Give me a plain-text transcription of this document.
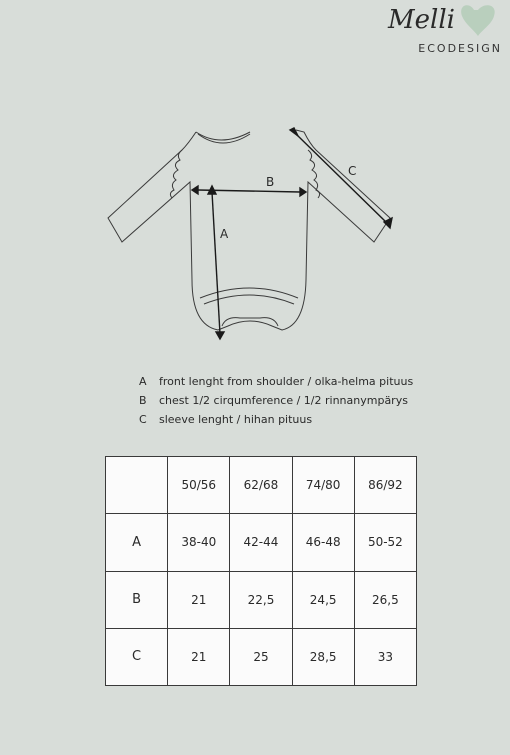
Melli
ECODESIGN
A
B
C
A front lenght from shoulder / olka-helma pituus
B chest 1/2 cirqumference / 1/2 rinnanympärys
C sleeve lenght / hihan pituus
	50/56	62/68	74/80	86/92
A	38-40	42-44	46-48	50-52
B	21	22,5	24,5	26,5
C	21	25	28,5	33
